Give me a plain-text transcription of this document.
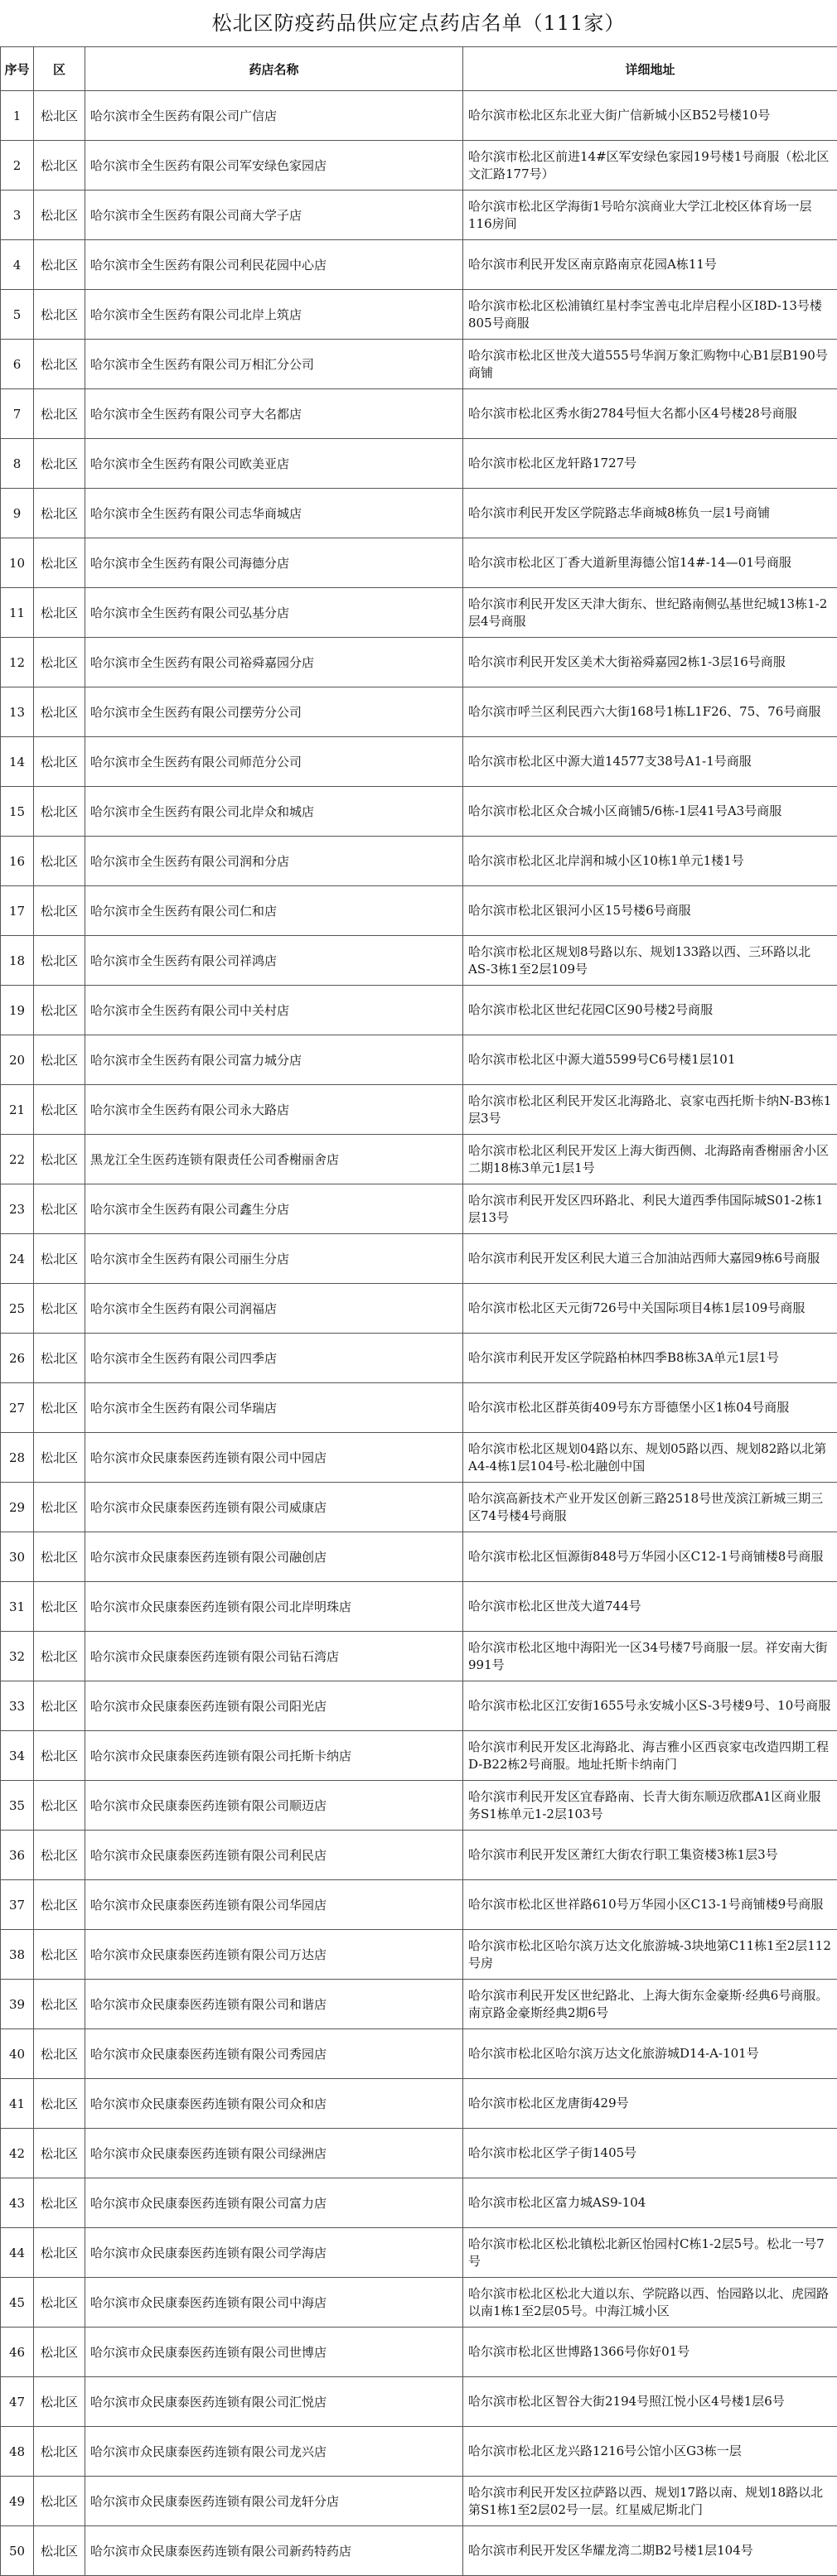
松北区防疫药品供应定点药店名单（111家）
序号	区	药店名称	详细地址
1	松北区	哈尔滨市全生医药有限公司广信店	哈尔滨市松北区东北亚大街广信新城小区B52号楼10号
2	松北区	哈尔滨市全生医药有限公司军安绿色家园店	哈尔滨市松北区前进14#区军安绿色家园19号楼1号商服（松北区文汇路177号）
3	松北区	哈尔滨市全生医药有限公司商大学子店	哈尔滨市松北区学海街1号哈尔滨商业大学江北校区体育场一层116房间
4	松北区	哈尔滨市全生医药有限公司利民花园中心店	哈尔滨市利民开发区南京路南京花园A栋11号
5	松北区	哈尔滨市全生医药有限公司北岸上筑店	哈尔滨市松北区松浦镇红星村李宝善屯北岸启程小区I8D-13号楼805号商服
6	松北区	哈尔滨市全生医药有限公司万相汇分公司	哈尔滨市松北区世茂大道555号华润万象汇购物中心B1层B190号商铺
7	松北区	哈尔滨市全生医药有限公司亨大名都店	哈尔滨市松北区秀水街2784号恒大名都小区4号楼28号商服
8	松北区	哈尔滨市全生医药有限公司欧美亚店	哈尔滨市松北区龙轩路1727号
9	松北区	哈尔滨市全生医药有限公司志华商城店	哈尔滨市利民开发区学院路志华商城8栋负一层1号商铺
10	松北区	哈尔滨市全生医药有限公司海德分店	哈尔滨市松北区丁香大道新里海德公馆14#-14—01号商服
11	松北区	哈尔滨市全生医药有限公司弘基分店	哈尔滨市利民开发区天津大街东、世纪路南侧弘基世纪城13栋1-2层4号商服
12	松北区	哈尔滨市全生医药有限公司裕舜嘉园分店	哈尔滨市利民开发区美术大街裕舜嘉园2栋1-3层16号商服
13	松北区	哈尔滨市全生医药有限公司摆劳分公司	哈尔滨市呼兰区利民西六大街168号1栋L1F26、75、76号商服
14	松北区	哈尔滨市全生医药有限公司师范分公司	哈尔滨市松北区中源大道14577支38号A1-1号商服
15	松北区	哈尔滨市全生医药有限公司北岸众和城店	哈尔滨市松北区众合城小区商铺5/6栋-1层41号A3号商服
16	松北区	哈尔滨市全生医药有限公司润和分店	哈尔滨市松北区北岸润和城小区10栋1单元1楼1号
17	松北区	哈尔滨市全生医药有限公司仁和店	哈尔滨市松北区银河小区15号楼6号商服
18	松北区	哈尔滨市全生医药有限公司祥鸿店	哈尔滨市松北区规划8号路以东、规划133路以西、三环路以北AS-3栋1至2层109号
19	松北区	哈尔滨市全生医药有限公司中关村店	哈尔滨市松北区世纪花园C区90号楼2号商服
20	松北区	哈尔滨市全生医药有限公司富力城分店	哈尔滨市松北区中源大道5599号C6号楼1层101
21	松北区	哈尔滨市全生医药有限公司永大路店	哈尔滨市松北区利民开发区北海路北、哀家屯西托斯卡纳N-B3栋1层3号
22	松北区	黑龙江全生医药连锁有限责任公司香榭丽舍店	哈尔滨市松北区利民开发区上海大街西侧、北海路南香榭丽舍小区二期18栋3单元1层1号
23	松北区	哈尔滨市全生医药有限公司鑫生分店	哈尔滨市利民开发区四环路北、利民大道西季伟国际城S01-2栋1层13号
24	松北区	哈尔滨市全生医药有限公司丽生分店	哈尔滨市利民开发区利民大道三合加油站西师大嘉园9栋6号商服
25	松北区	哈尔滨市全生医药有限公司润福店	哈尔滨市松北区天元街726号中关国际项目4栋1层109号商服
26	松北区	哈尔滨市全生医药有限公司四季店	哈尔滨市利民开发区学院路柏林四季B8栋3A单元1层1号
27	松北区	哈尔滨市全生医药有限公司华瑞店	哈尔滨市松北区群英街409号东方哥德堡小区1栋04号商服
28	松北区	哈尔滨市众民康泰医药连锁有限公司中园店	哈尔滨市松北区规划04路以东、规划05路以西、规划82路以北第A4-4栋1层104号-松北融创中国
29	松北区	哈尔滨市众民康泰医药连锁有限公司威康店	哈尔滨高新技术产业开发区创新三路2518号世茂滨江新城三期三区74号楼4号商服
30	松北区	哈尔滨市众民康泰医药连锁有限公司融创店	哈尔滨市松北区恒源街848号万华园小区C12-1号商铺楼8号商服
31	松北区	哈尔滨市众民康泰医药连锁有限公司北岸明珠店	哈尔滨市松北区世茂大道744号
32	松北区	哈尔滨市众民康泰医药连锁有限公司钻石湾店	哈尔滨市松北区地中海阳光一区34号楼7号商服一层。祥安南大街991号
33	松北区	哈尔滨市众民康泰医药连锁有限公司阳光店	哈尔滨市松北区江安街1655号永安城小区S-3号楼9号、10号商服
34	松北区	哈尔滨市众民康泰医药连锁有限公司托斯卡纳店	哈尔滨市利民开发区北海路北、海吉雅小区西哀家屯改造四期工程D-B22栋2号商服。地址托斯卡纳南门
35	松北区	哈尔滨市众民康泰医药连锁有限公司顺迈店	哈尔滨市利民开发区宜春路南、长青大街东顺迈欣郡A1区商业服务S1栋单元1-2层103号
36	松北区	哈尔滨市众民康泰医药连锁有限公司利民店	哈尔滨市利民开发区萧红大街农行职工集资楼3栋1层3号
37	松北区	哈尔滨市众民康泰医药连锁有限公司华园店	哈尔滨市松北区世祥路610号万华园小区C13-1号商铺楼9号商服
38	松北区	哈尔滨市众民康泰医药连锁有限公司万达店	哈尔滨市松北区哈尔滨万达文化旅游城-3块地第C11栋1至2层112号房
39	松北区	哈尔滨市众民康泰医药连锁有限公司和谐店	哈尔滨市利民开发区世纪路北、上海大街东金豪斯·经典6号商服。南京路金豪斯经典2期6号
40	松北区	哈尔滨市众民康泰医药连锁有限公司秀园店	哈尔滨市松北区哈尔滨万达文化旅游城D14-A-101号
41	松北区	哈尔滨市众民康泰医药连锁有限公司众和店	哈尔滨市松北区龙唐街429号
42	松北区	哈尔滨市众民康泰医药连锁有限公司绿洲店	哈尔滨市松北区学子街1405号
43	松北区	哈尔滨市众民康泰医药连锁有限公司富力店	哈尔滨市松北区富力城AS9-104
44	松北区	哈尔滨市众民康泰医药连锁有限公司学海店	哈尔滨市松北区松北镇松北新区怡园村C栋1-2层5号。松北一号7号
45	松北区	哈尔滨市众民康泰医药连锁有限公司中海店	哈尔滨市松北区松北大道以东、学院路以西、怡园路以北、虎园路以南1栋1至2层05号。中海江城小区
46	松北区	哈尔滨市众民康泰医药连锁有限公司世博店	哈尔滨市松北区世博路1366号你好01号
47	松北区	哈尔滨市众民康泰医药连锁有限公司汇悦店	哈尔滨市松北区智谷大街2194号照江悦小区4号楼1层6号
48	松北区	哈尔滨市众民康泰医药连锁有限公司龙兴店	哈尔滨市松北区龙兴路1216号公馆小区G3栋一层
49	松北区	哈尔滨市众民康泰医药连锁有限公司龙轩分店	哈尔滨市利民开发区拉萨路以西、规划17路以南、规划18路以北第S1栋1至2层02号一层。红星威尼斯北门
50	松北区	哈尔滨市众民康泰医药连锁有限公司新药特药店	哈尔滨市利民开发区华耀龙湾二期B2号楼1层104号
